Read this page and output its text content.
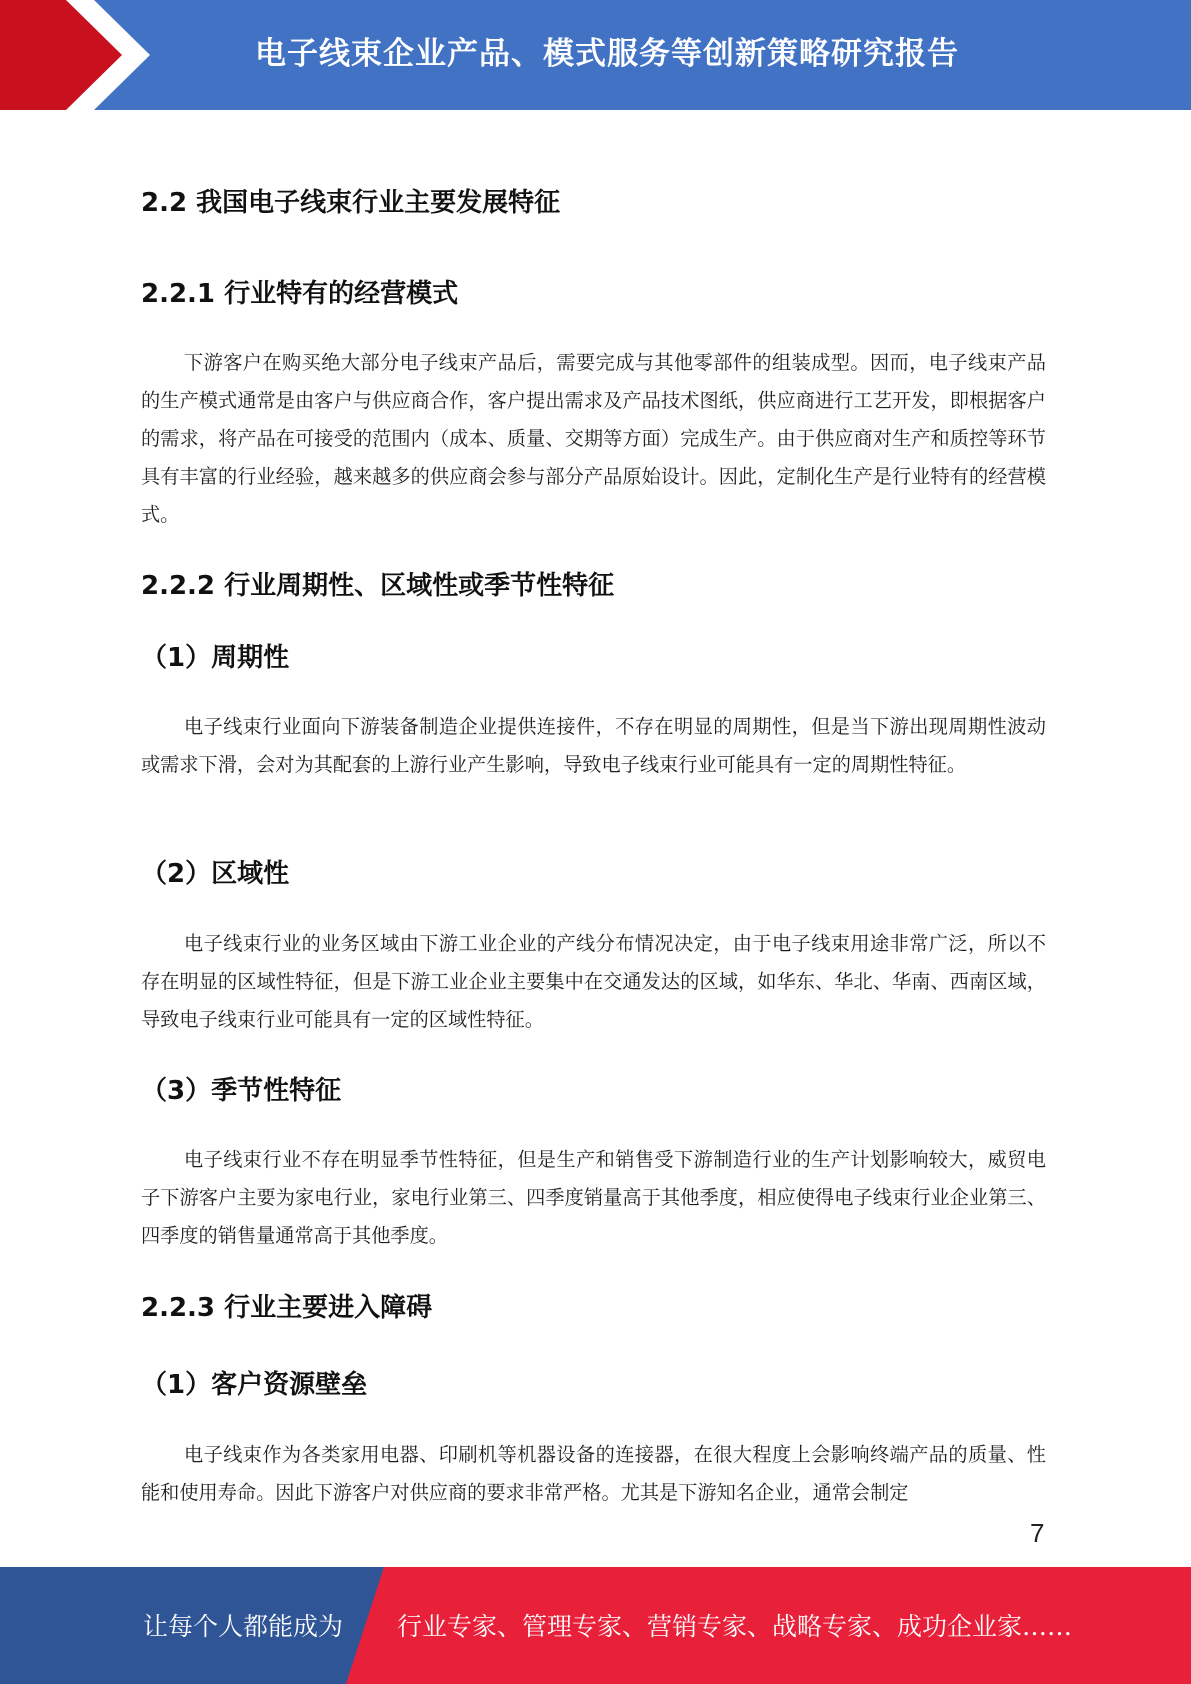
电子线束企业产品、模式服务等创新策略研究报告
2.2 我国电子线束行业主要发展特征
2.2.1 行业特有的经营模式

下游客户在购买绝大部分电子线束产品后，需要完成与其他零部件的组装成型。因而，电子线束产品的生产模式通常是由客户与供应商合作，客户提出需求及产品技术图纸，供应商进行工艺开发，即根据客户的需求，将产品在可接受的范围内（成本、质量、交期等方面）完成生产。由于供应商对生产和质控等环节具有丰富的行业经验，越来越多的供应商会参与部分产品原始设计。因此，定制化生产是行业特有的经营模式。

2.2.2 行业周期性、区域性或季节性特征
（1）周期性

电子线束行业面向下游装备制造企业提供连接件，不存在明显的周期性，但是当下游出现周期性波动或需求下滑，会对为其配套的上游行业产生影响，导致电子线束行业可能具有一定的周期性特征。

（2）区域性

电子线束行业的业务区域由下游工业企业的产线分布情况决定，由于电子线束用途非常广泛，所以不存在明显的区域性特征，但是下游工业企业主要集中在交通发达的区域，如华东、华北、华南、西南区域，导致电子线束行业可能具有一定的区域性特征。

（3）季节性特征

电子线束行业不存在明显季节性特征，但是生产和销售受下游制造行业的生产计划影响较大，威贸电子下游客户主要为家电行业，家电行业第三、四季度销量高于其他季度，相应使得电子线束行业企业第三、四季度的销售量通常高于其他季度。

2.2.3 行业主要进入障碍
（1）客户资源壁垒

电子线束作为各类家用电器、印刷机等机器设备的连接器，在很大程度上会影响终端产品的质量、性能和使用寿命。因此下游客户对供应商的要求非常严格。尤其是下游知名企业，通常会制定

7
让每个人都能成为 行业专家、管理专家、营销专家、战略专家、成功企业家……
